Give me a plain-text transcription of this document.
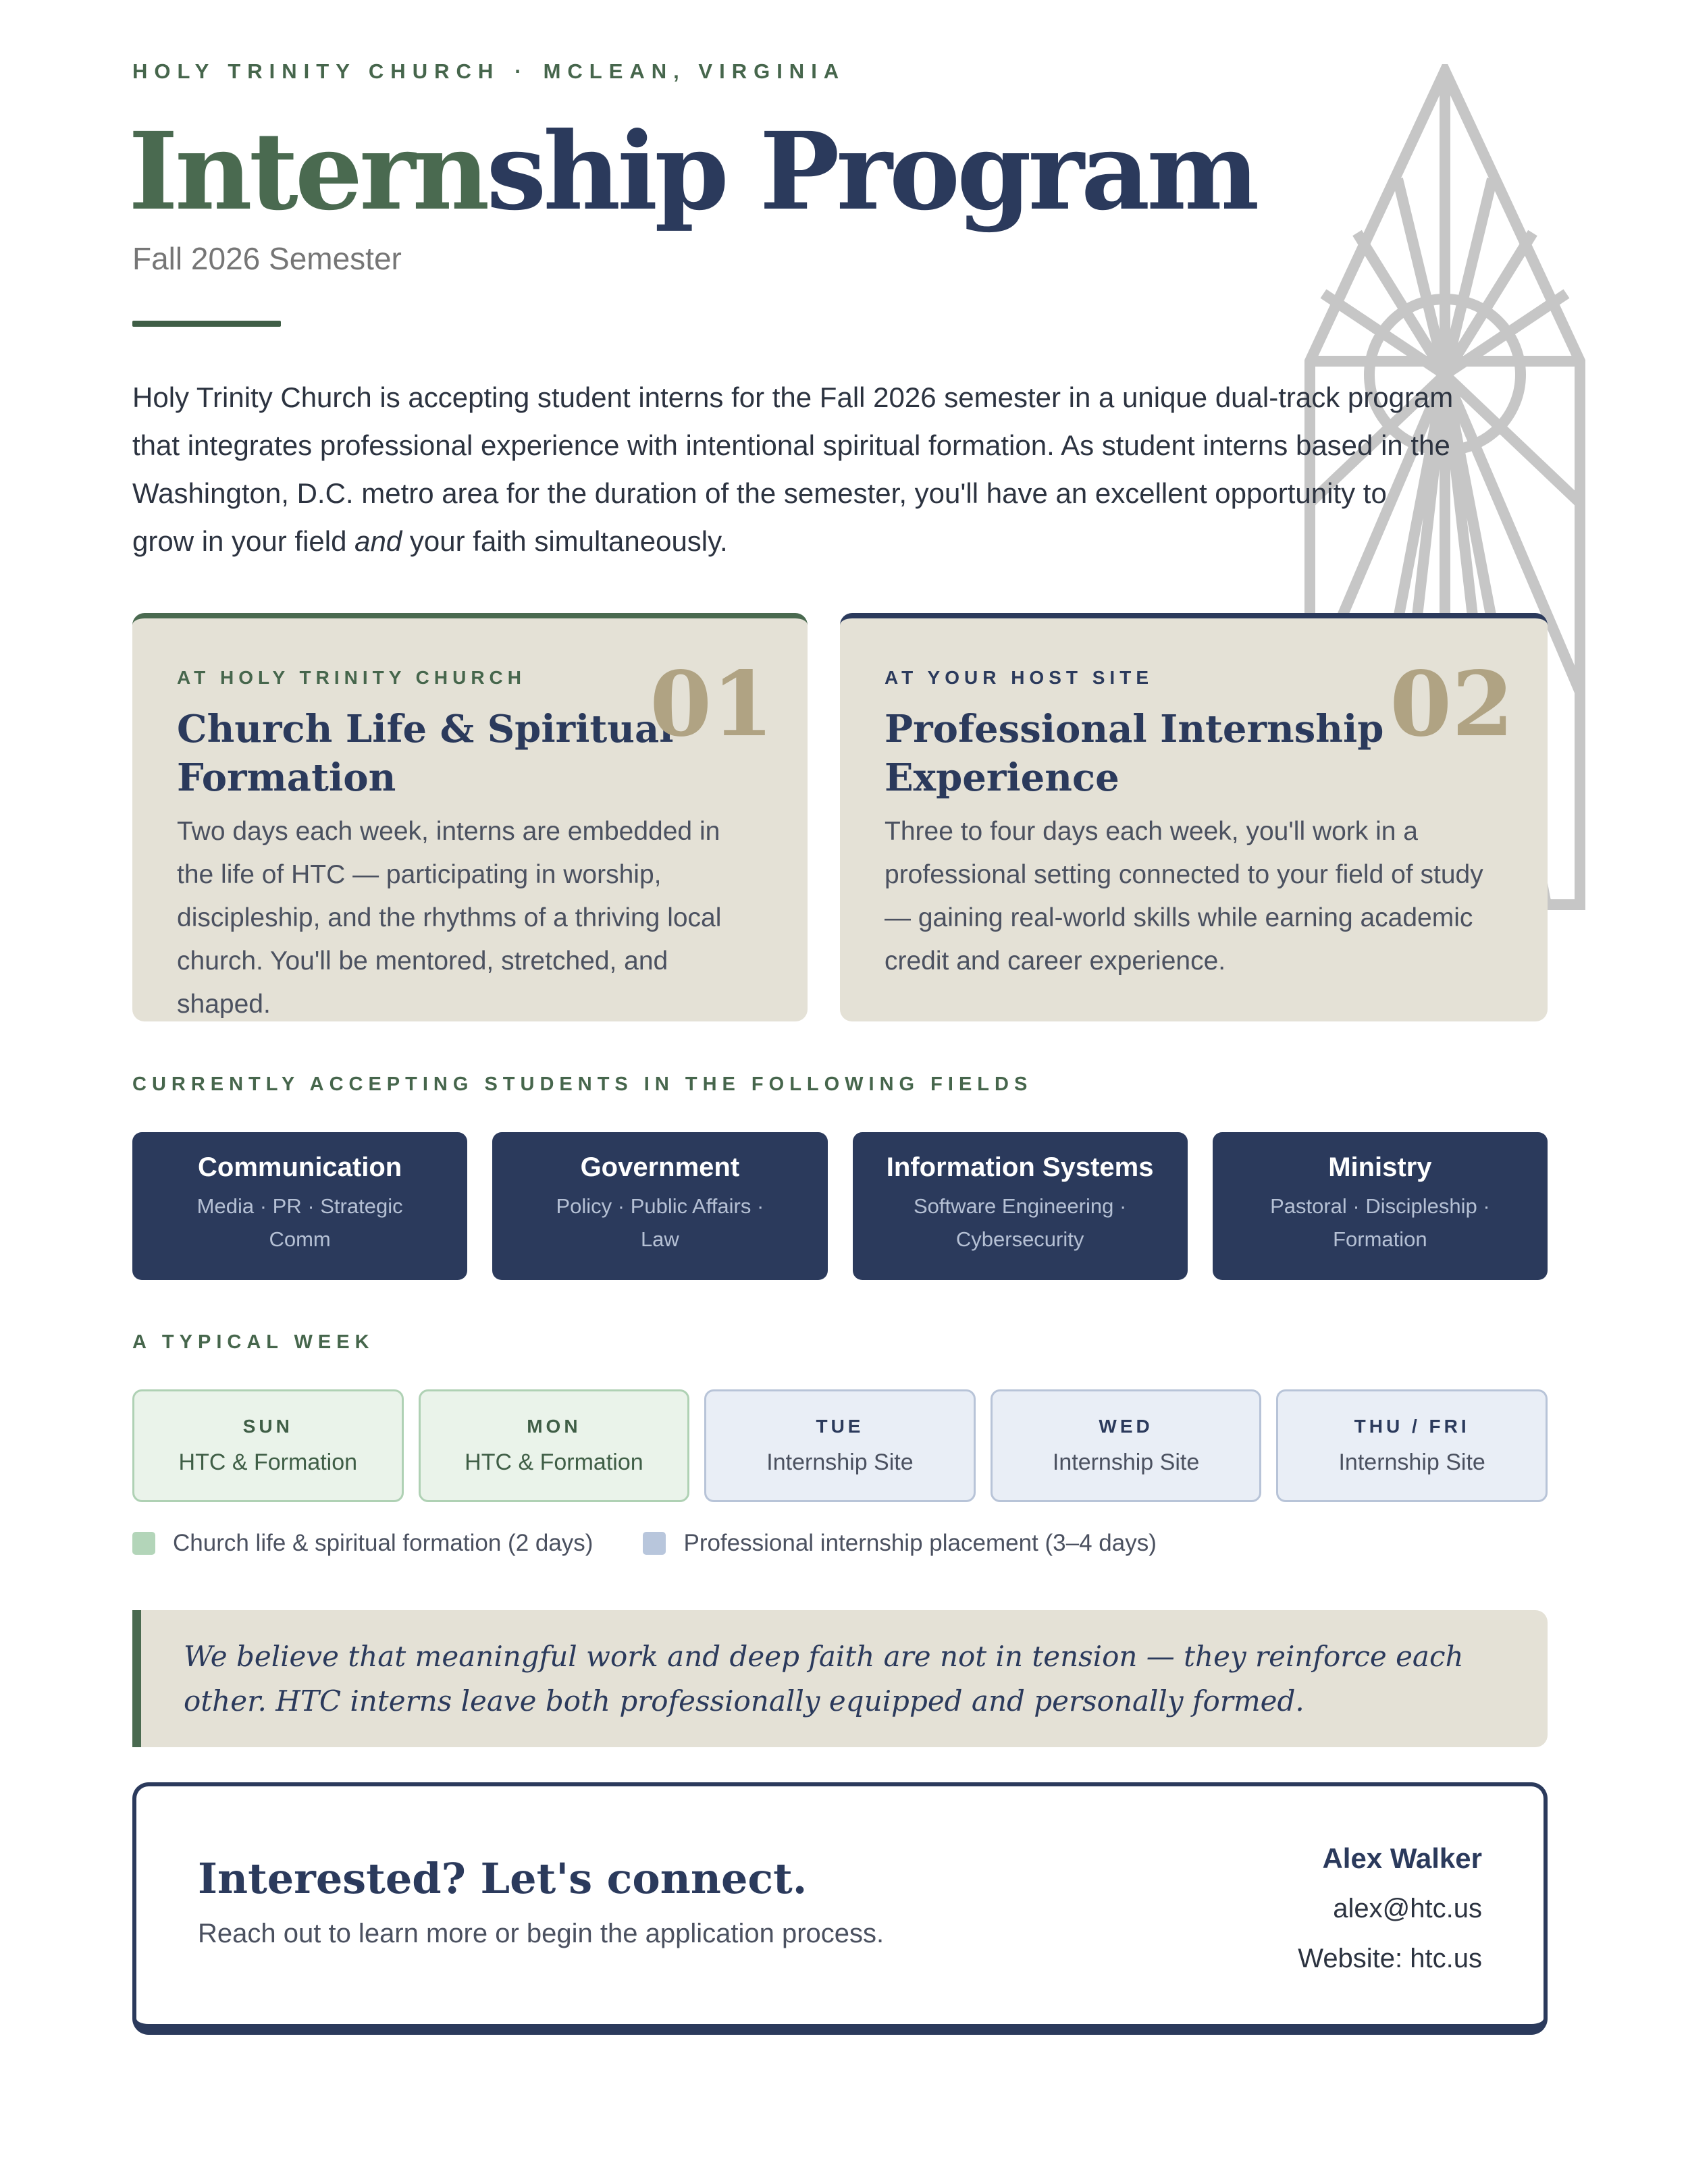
HOLY TRINITY CHURCH · MCLEAN, VIRGINIA
Internship Program
Fall 2026 Semester
Holy Trinity Church is accepting student interns for the Fall 2026 semester in a unique dual-track program that integrates professional experience with intentional spiritual formation. As student interns based in the Washington, D.C. metro area for the duration of the semester, you'll have an excellent opportunity to grow in your field and your faith simultaneously.
AT HOLY TRINITY CHURCH	01
Church Life & Spiritual Formation

Two days each week, interns are embedded in the life of HTC — participating in worship, discipleship, and the rhythms of a thriving local church. You'll be mentored, stretched, and shaped.

AT YOUR HOST SITE	02
Professional Internship Experience

Three to four days each week, you'll work in a professional setting connected to your field of study — gaining real-world skills while earning academic credit and career experience.

CURRENTLY ACCEPTING STUDENTS IN THE FOLLOWING FIELDS
Communication
Media · PR · Strategic Comm
Government
Policy · Public Affairs · Law
Information Systems
Software Engineering · Cybersecurity
Ministry
Pastoral · Discipleship · Formation
A TYPICAL WEEK
SUN
HTC & Formation
MON
HTC & Formation
TUE
Internship Site
WED
Internship Site
THU / FRI
Internship Site
Church life & spiritual formation (2 days)	Professional internship placement (3–4 days)
We believe that meaningful work and deep faith are not in tension — they reinforce each other. HTC interns leave both professionally equipped and personally formed.
Interested? Let's connect.
Reach out to learn more or begin the application process.
Alex Walker
alex@htc.us
Website: htc.us
